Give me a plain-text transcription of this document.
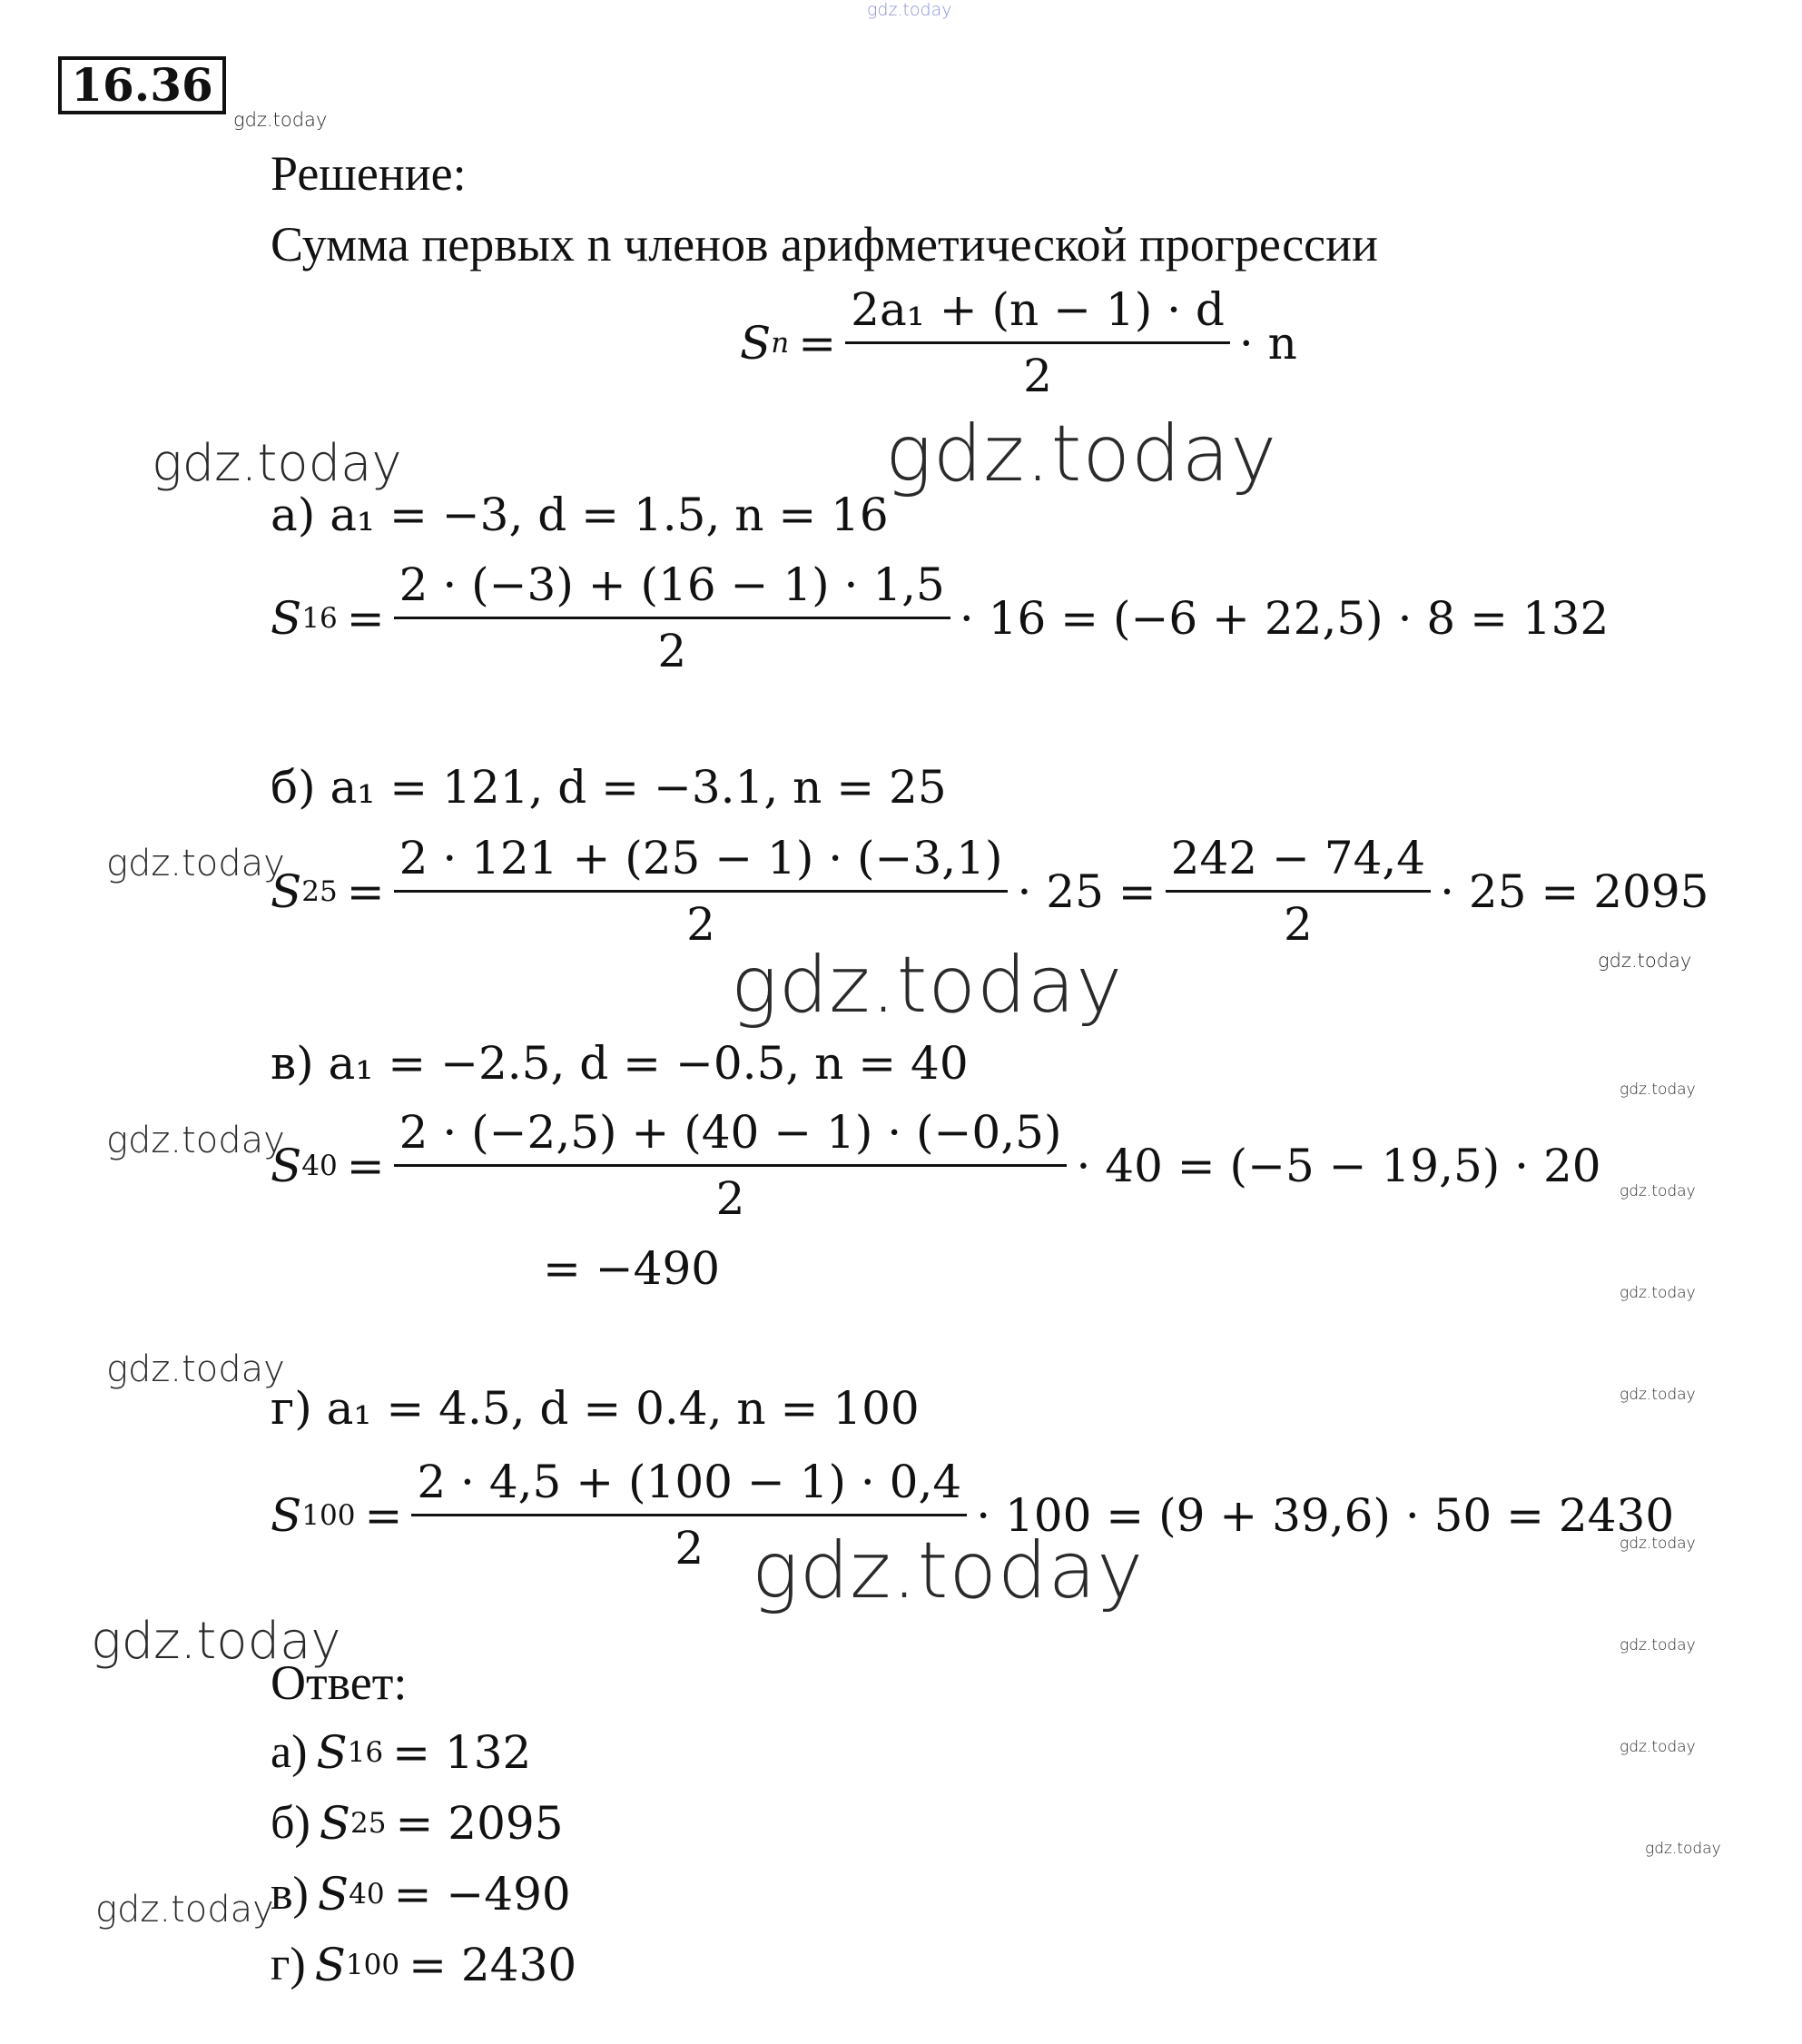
gdz.today
gdz.today
gdz.today	gdz.today
gdz.today
gdz.today
gdz.today
gdz.today
gdz.today
gdz.today
gdz.today
gdz.today
gdz.today
gdz.today
gdz.today
gdz.today	gdz.today
gdz.today
gdz.today
gdz.today
16.36
Решение:
Сумма первых n членов арифметической прогрессии
S $n = \frac{\text{2a₁ + (n − 1) · d}}{2} \cdot n$
а) a₁ = −3, d = 1.5, n = 16
S $16 = \frac{2 \cdot (-3) + (16 - 1) \cdot 1,5}{2} \cdot 16 = (-6 + 22,5) \cdot 8 = 132$
б) a₁ = 121, d = −3.1, n = 25
S $25 = \frac{2 \cdot 121 + (25 - 1) \cdot (-3,1)}{2} \cdot 25 = \frac{242 - 74,4}{2} \cdot 25 = 2095$
в) a₁ = −2.5, d = −0.5, n = 40
S $40 = \frac{2 \cdot (-2,5) + (40 - 1) \cdot (-0,5)}{2} \cdot 40 = (-5 - 19,5) \cdot 20$
= −490
г) a₁ = 4.5, d = 0.4, n = 100
S $100 = \frac{2 \cdot 4,5 + (100 - 1) \cdot 0,4}{2} \cdot 100 = (9 + 39,6) \cdot 50 = 2430$
Ответ:
а) S 16 = 132
б) S 25 = 2095
в) S 40 = −490
г) S 100 = 2430
